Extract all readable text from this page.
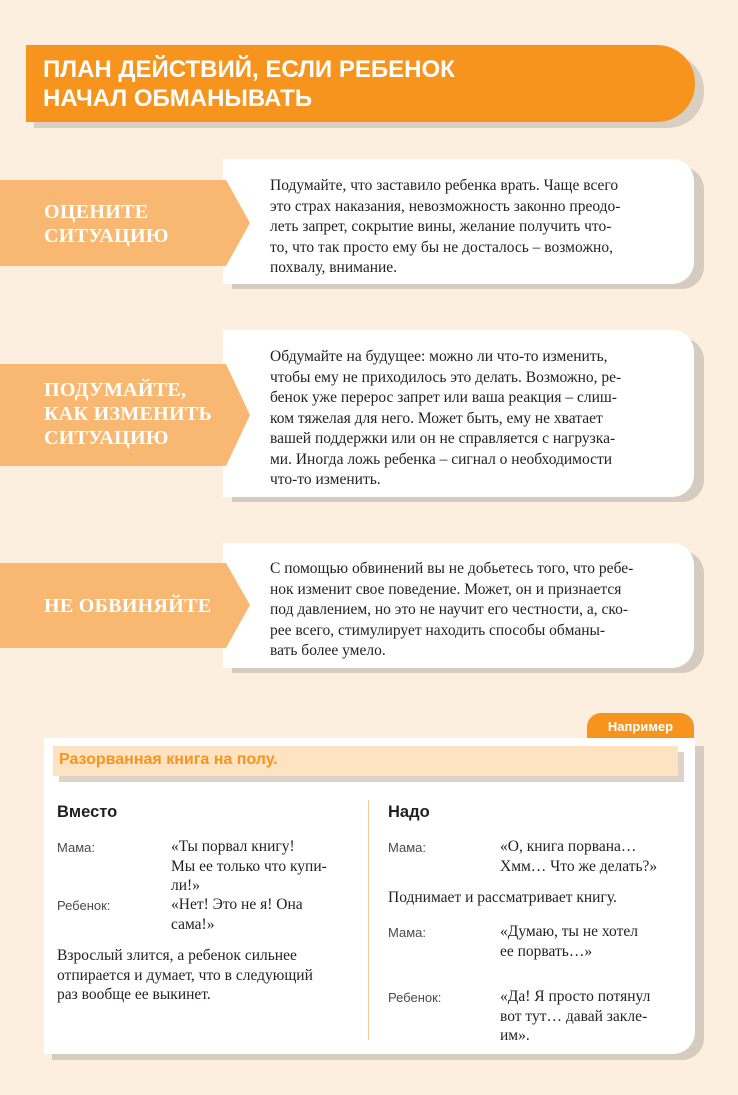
ПЛАН ДЕЙСТВИЙ, ЕСЛИ РЕБЕНОК
НАЧАЛ ОБМАНЫВАТЬ
ОЦЕНИТЕ
СИТУАЦИЮ
Подумайте, что заставило ребенка врать. Чаще всего
это страх наказания, невозможность законно преодо-
леть запрет, сокрытие вины, желание получить что-
то, что так просто ему бы не досталось – возможно,
похвалу, внимание.
ПОДУМАЙТЕ,
КАК ИЗМЕНИТЬ
СИТУАЦИЮ
Обдумайте на будущее: можно ли что-то изменить,
чтобы ему не приходилось это делать. Возможно, ре-
бенок уже перерос запрет или ваша реакция – слиш-
ком тяжелая для него. Может быть, ему не хватает
вашей поддержки или он не справляется с нагрузка-
ми. Иногда ложь ребенка – сигнал о необходимости
что-то изменить.
НЕ ОБВИНЯЙТЕ
С помощью обвинений вы не добьетесь того, что ребе-
нок изменит свое поведение. Может, он и признается
под давлением, но это не научит его честности, а, ско-
рее всего, стимулирует находить способы обманы-
вать более умело.
Например
Разорванная книга на полу.
Вместо
Мама:	«Ты порвал книгу!
Мы ее только что купи-
ли!»
Ребенок:	«Нет! Это не я! Она
сама!»
Взрослый злится, а ребенок сильнее
отпирается и думает, что в следующий
раз вообще ее выкинет.
Надо
Мама:	«О, книга порвана…
Хмм… Что же делать?»
Поднимает и рассматривает книгу.
Мама:	«Думаю, ты не хотел
ее порвать…»
Ребенок:	«Да! Я просто потянул
вот тут… давай закле-
им».
